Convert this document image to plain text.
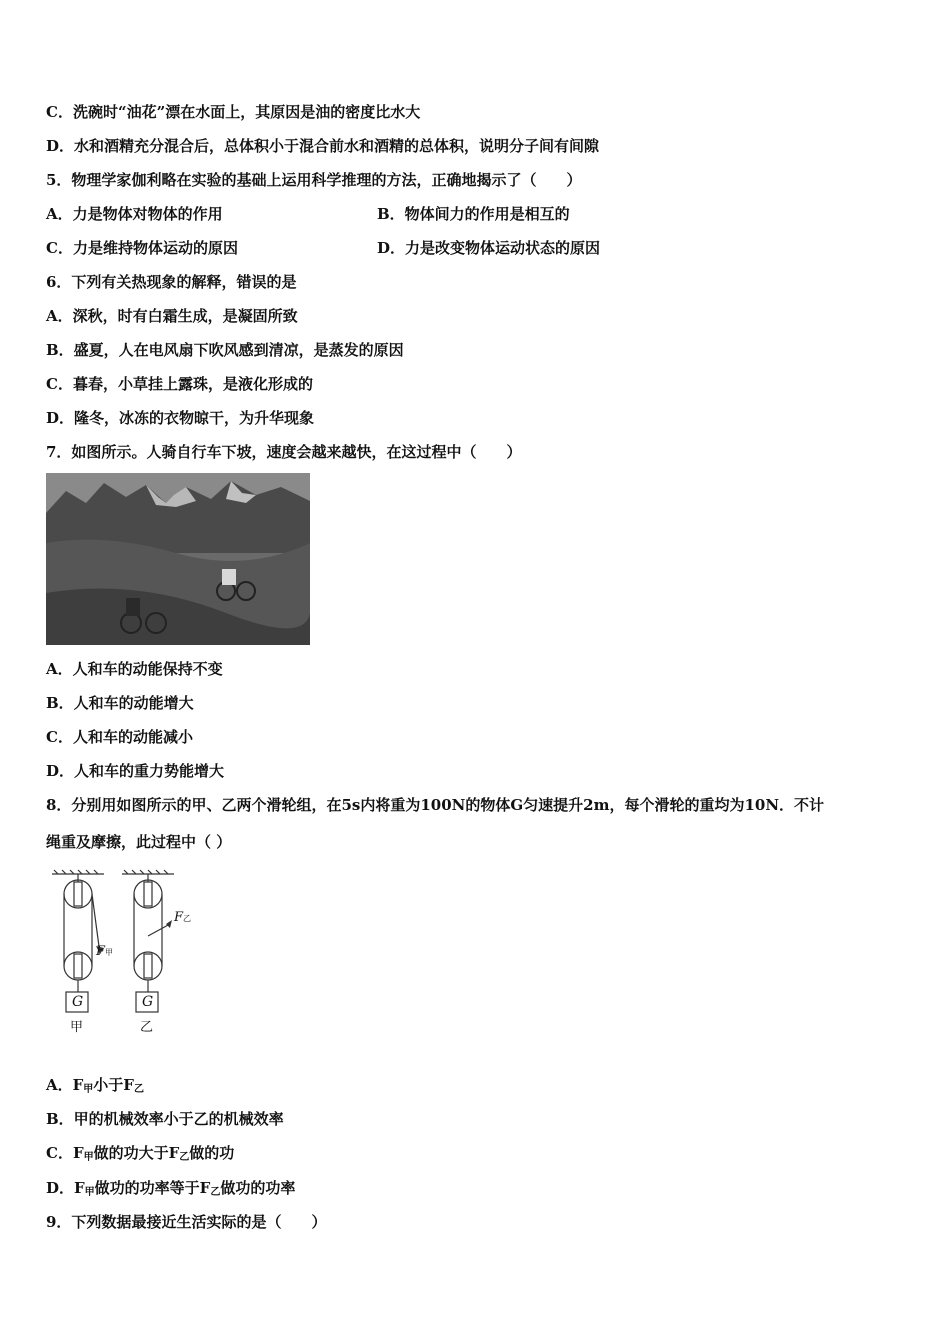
C．洗碗时“油花”漂在水面上，其原因是油的密度比水大
D．水和酒精充分混合后，总体积小于混合前水和酒精的总体积，说明分子间有间隙
5．物理学家伽利略在实验的基础上运用科学推理的方法，正确地揭示了（　　）
A．力是物体对物体的作用	B．物体间力的作用是相互的
C．力是维持物体运动的原因	D．力是改变物体运动状态的原因
6．下列有关热现象的解释，错误的是
A．深秋，时有白霜生成，是凝固所致
B．盛夏，人在电风扇下吹风感到清凉，是蒸发的原因
C．暮春，小草挂上露珠，是液化形成的
D．隆冬，冰冻的衣物晾干，为升华现象
7．如图所示。人骑自行车下坡，速度会越来越快，在这过程中（　　）
A．人和车的动能保持不变
B．人和车的动能增大
C．人和车的动能减小
D．人和车的重力势能增大
8．分别用如图所示的甲、乙两个滑轮组，在5s内将重为100N的物体G匀速提升2m，每个滑轮的重均为10N．不计
绳重及摩擦，此过程中（ ）
G	G
F甲
F乙
甲	乙
A．$F_甲$小于$F_乙$
B．甲的机械效率小于乙的机械效率
C．$F_甲$做的功大于$F_乙$做的功
D．$F_甲$做功的功率等于$F_乙$做功的功率
9．下列数据最接近生活实际的是（　　）
